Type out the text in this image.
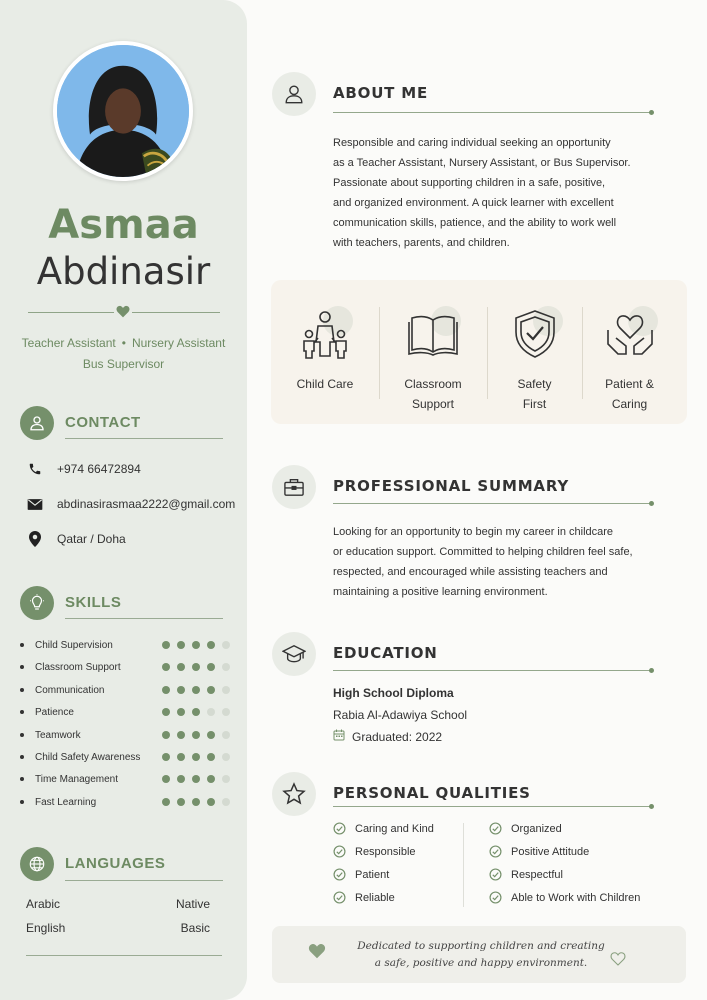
Asmaa
Abdinasir
Teacher Assistant • Nursery Assistant
Bus Supervisor
CONTACT
+974 66472894
abdinasirasmaa2222@gmail.com
Qatar / Doha
SKILLS
Child Supervision
Classroom Support
Communication
Patience
Teamwork
Child Safety Awareness
Time Management
Fast Learning
LANGUAGES
Arabic	Native
English	Basic
ABOUT ME
Responsible and caring individual seeking an opportunity
as a Teacher Assistant, Nursery Assistant, or Bus Supervisor.
Passionate about supporting children in a safe, positive,
and organized environment. A quick learner with excellent
communication skills, patience, and the ability to work well
with teachers, parents, and children.
Child Care	Classroom
Support
Safety
First
Patient &
Caring
PROFESSIONAL SUMMARY
Looking for an opportunity to begin my career in childcare
or education support. Committed to helping children feel safe,
respected, and encouraged while assisting teachers and
maintaining a positive learning environment.
EDUCATION
High School Diploma
Rabia Al-Adawiya School
Graduated: 2022
PERSONAL QUALITIES
Caring and Kind
Responsible
Patient
Reliable
Organized
Positive Attitude
Respectful
Able to Work with Children
Dedicated to supporting children and creating
a safe, positive and happy environment.
